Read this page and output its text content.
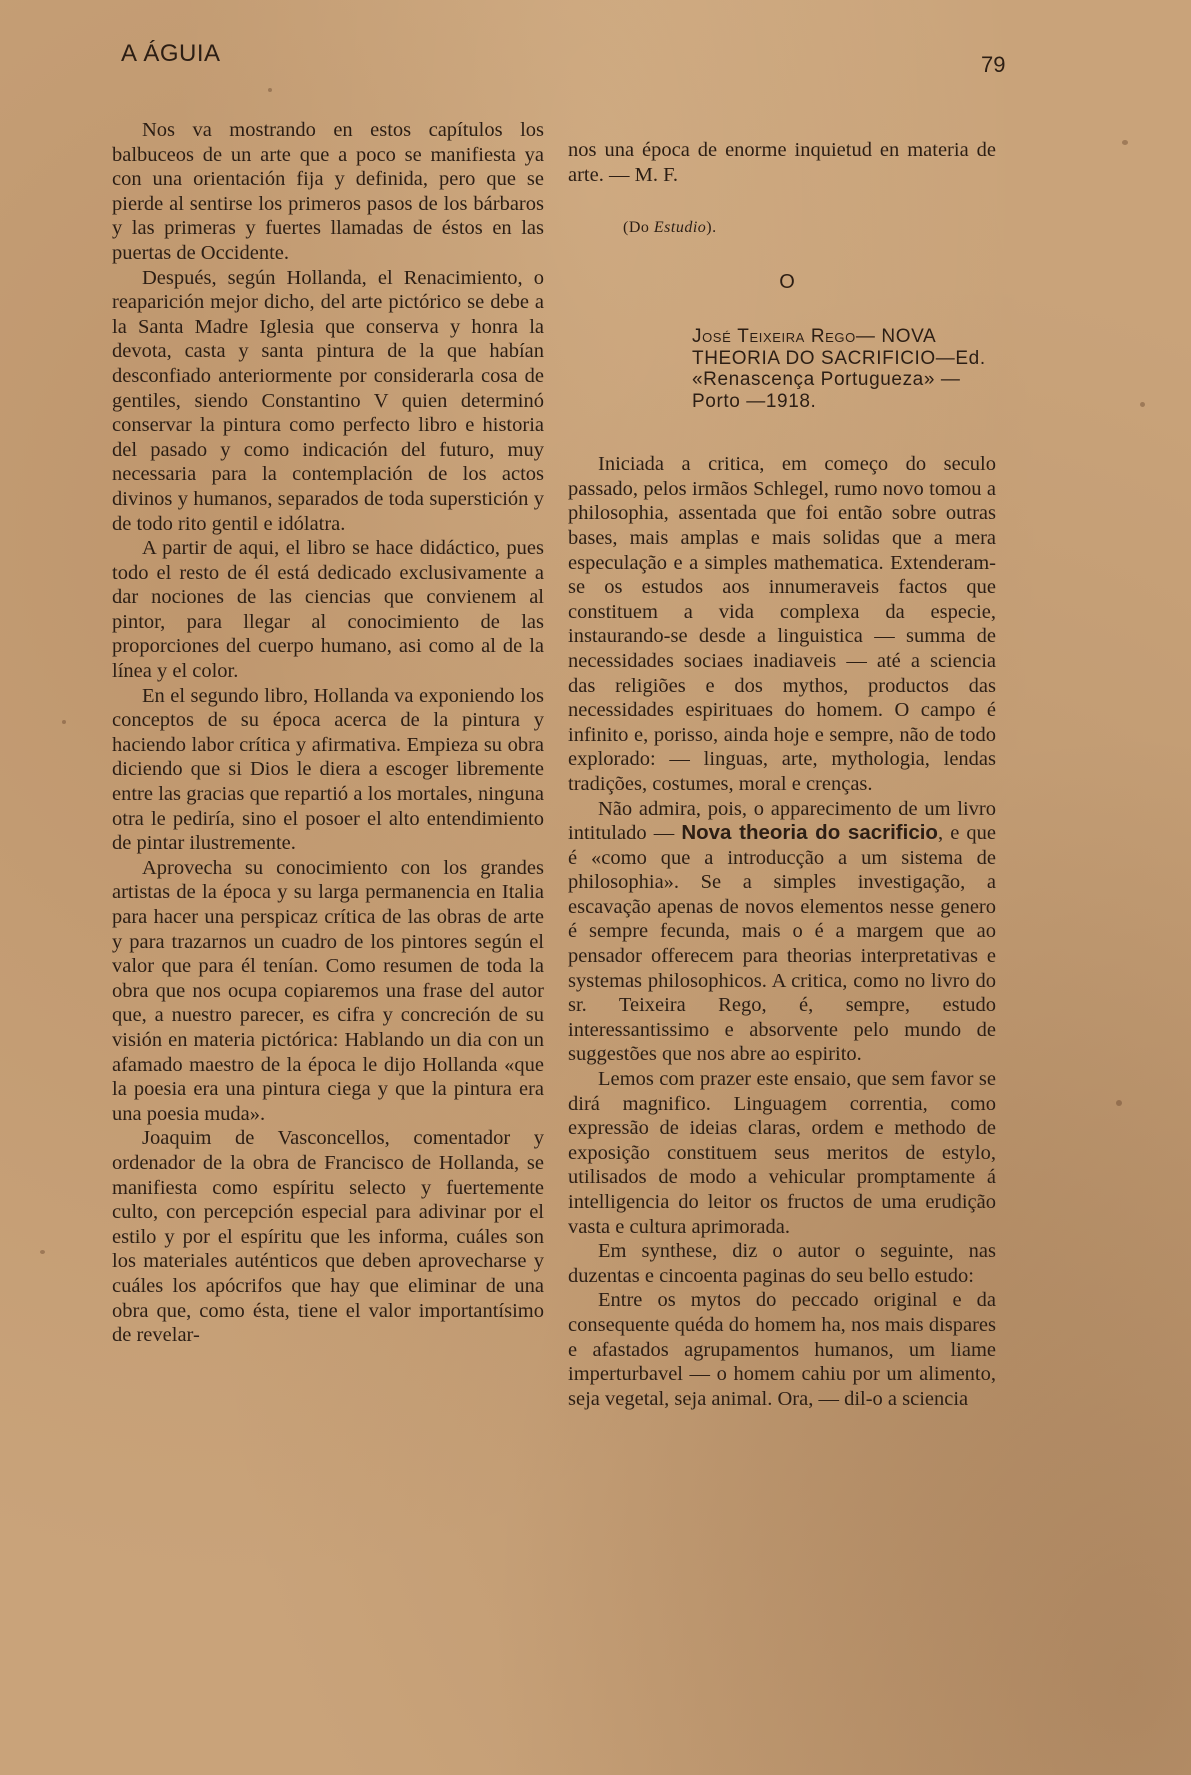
A ÁGUIA	79

Nos va mostrando en estos capítulos los balbuceos de un arte que a poco se manifiesta ya con una orientación fija y definida, pero que se pierde al sentirse los primeros pasos de los bárbaros y las primeras y fuertes llamadas de éstos en las puertas de Occidente.

Después, según Hollanda, el Renacimiento, o reaparición mejor dicho, del arte pictórico se debe a la Santa Madre Iglesia que conserva y honra la devota, casta y santa pintura de la que habían desconfiado anteriormente por considerarla cosa de gentiles, siendo Constantino V quien determinó conservar la pintura como perfecto libro e historia del pasado y como indicación del futuro, muy necessaria para la contemplación de los actos divinos y humanos, separados de toda superstición y de todo rito gentil e idólatra.

A partir de aqui, el libro se hace didáctico, pues todo el resto de él está dedicado exclusivamente a dar nociones de las ciencias que convienem al pintor, para llegar al conocimiento de las proporciones del cuerpo humano, asi como al de la línea y el color.

En el segundo libro, Hollanda va exponiendo los conceptos de su época acerca de la pintura y haciendo labor crítica y afirmativa. Empieza su obra diciendo que si Dios le diera a escoger libremente entre las gracias que repartió a los mortales, ninguna otra le pediría, sino el posoer el alto entendimiento de pintar ilustremente.

Aprovecha su conocimiento con los grandes artistas de la época y su larga permanencia en Italia para hacer una perspicaz crítica de las obras de arte y para trazarnos un cuadro de los pintores según el valor que para él tenían. Como resumen de toda la obra que nos ocupa copiaremos una frase del autor que, a nuestro parecer, es cifra y concreción de su visión en materia pictórica: Hablando un dia con un afamado maestro de la época le dijo Hollanda «que la poesia era una pintura ciega y que la pintura era una poesia muda».

Joaquim de Vasconcellos, comentador y ordenador de la obra de Francisco de Hollanda, se manifiesta como espíritu selecto y fuertemente culto, con percepción especial para adivinar por el estilo y por el espíritu que les informa, cuáles son los materiales auténticos que deben aprovecharse y cuáles los apócrifos que hay que eliminar de una obra que, como ésta, tiene el valor importantísimo de revelar-

nos una época de enorme inquietud en materia de arte. — M. F.

(Do Estudio).
O
José Teixeira Rego— NOVA THEORIA DO SACRIFICIO—Ed. «Renascença Portugueza» —Porto —1918.

Iniciada a critica, em começo do seculo passado, pelos irmãos Schlegel, rumo novo tomou a philosophia, assentada que foi então sobre outras bases, mais amplas e mais solidas que a mera especulação e a simples mathematica. Extenderam-se os estudos aos innumeraveis factos que constituem a vida complexa da especie, instaurando-se desde a linguistica — summa de necessidades sociaes inadiaveis — até a sciencia das religiões e dos mythos, productos das necessidades espirituaes do homem. O campo é infinito e, porisso, ainda hoje e sempre, não de todo explorado: — linguas, arte, mythologia, lendas tradições, costumes, moral e crenças.

Não admira, pois, o apparecimento de um livro intitulado — Nova theoria do sacrificio, e que é «como que a introducção a um sistema de philosophia». Se a simples investigação, a escavação apenas de novos elementos nesse genero é sempre fecunda, mais o é a margem que ao pensador offerecem para theorias interpretativas e systemas philosophicos. A critica, como no livro do sr. Teixeira Rego, é, sempre, estudo interessantissimo e absorvente pelo mundo de suggestões que nos abre ao espirito.

Lemos com prazer este ensaio, que sem favor se dirá magnifico. Linguagem correntia, como expressão de ideias claras, ordem e methodo de exposição constituem seus meritos de estylo, utilisados de modo a vehicular promptamente á intelligencia do leitor os fructos de uma erudição vasta e cultura aprimorada.

Em synthese, diz o autor o seguinte, nas duzentas e cincoenta paginas do seu bello estudo:

Entre os mytos do peccado original e da consequente quéda do homem ha, nos mais dispares e afastados agrupamentos humanos, um liame imperturbavel — o homem cahiu por um alimento, seja vegetal, seja animal. Ora, — dil-o a sciencia
